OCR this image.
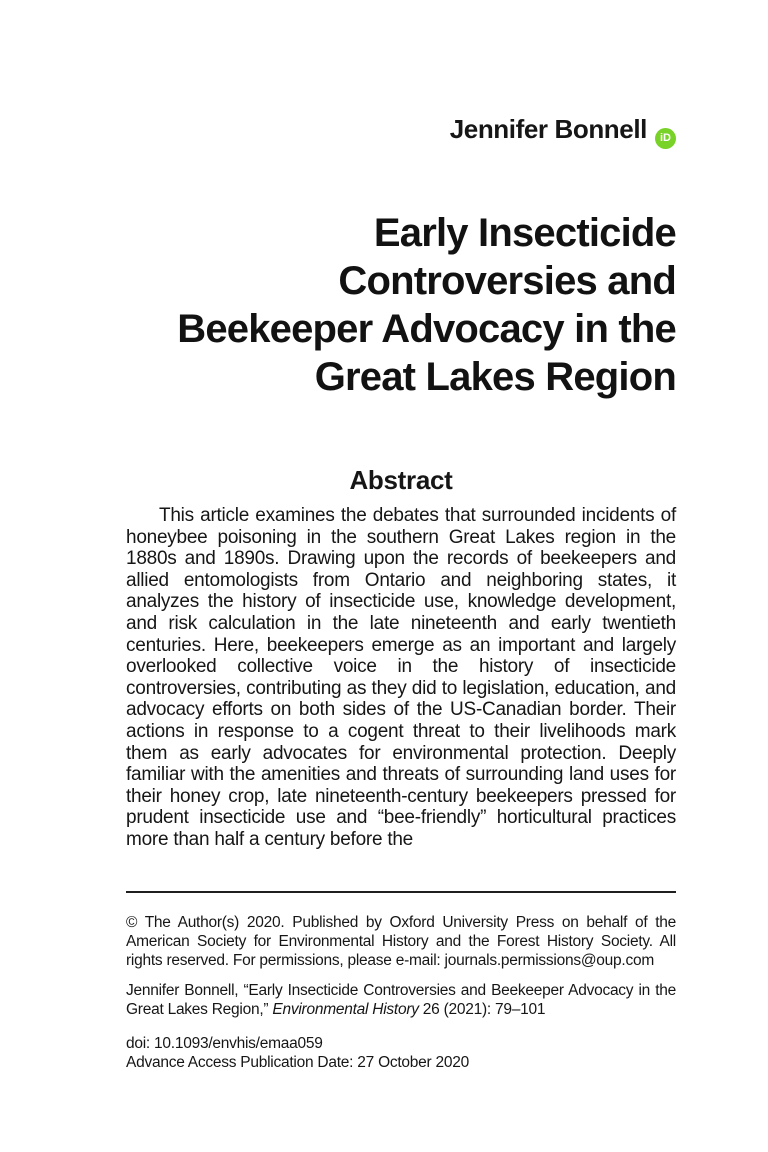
Jennifer Bonnell iD
Early Insecticide
Controversies and
Beekeeper Advocacy in the
Great Lakes Region
Abstract

This article examines the debates that surrounded incidents of honeybee poisoning in the southern Great Lakes region in the 1880s and 1890s. Drawing upon the records of beekeepers and allied entomologists from Ontario and neighboring states, it analyzes the history of insecticide use, knowledge development, and risk calculation in the late nineteenth and early twentieth centuries. Here, beekeepers emerge as an important and largely overlooked collective voice in the history of insecticide controversies, contributing as they did to legislation, education, and advocacy efforts on both sides of the US-Canadian border. Their actions in response to a cogent threat to their livelihoods mark them as early advocates for environmental protection. Deeply familiar with the amenities and threats of surrounding land uses for their honey crop, late nineteenth-century beekeepers pressed for prudent insecticide use and “bee-friendly” horticultural practices more than half a century before the

© The Author(s) 2020. Published by Oxford University Press on behalf of the American Society for Environmental History and the Forest History Society. All rights reserved. For permissions, please e-mail: journals.permissions@oup.com

Jennifer Bonnell, “Early Insecticide Controversies and Beekeeper Advocacy in the Great Lakes Region,” Environmental History 26 (2021): 79–101

doi: 10.1093/envhis/emaa059
Advance Access Publication Date: 27 October 2020
